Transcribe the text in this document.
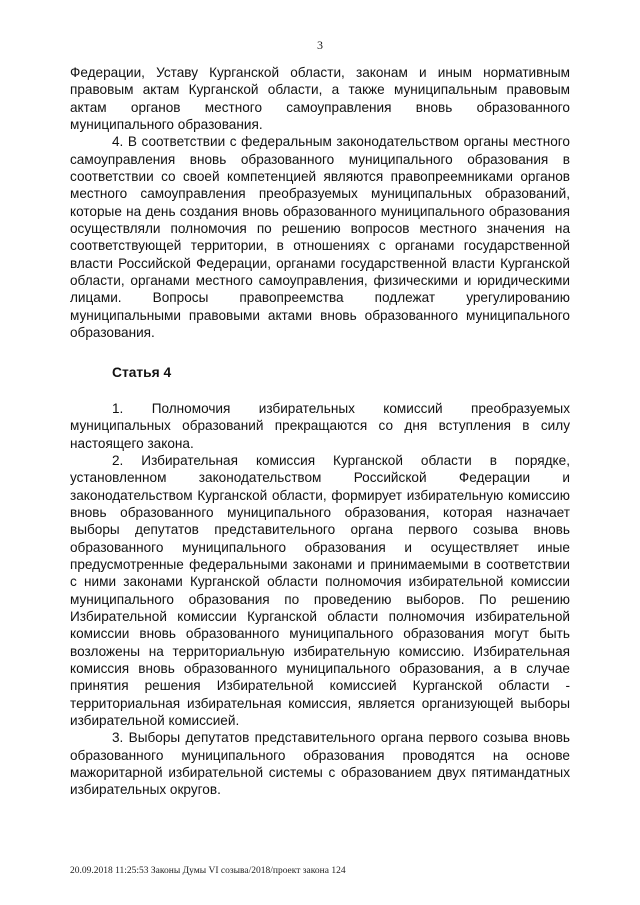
3

Федерации, Уставу Курганской области, законам и иным нормативным правовым актам Курганской области, а также муниципальным правовым актам органов местного самоуправления вновь образованного муниципального образования.

4. В соответствии с федеральным законодательством органы местного самоуправления вновь образованного муниципального образования в соответствии со своей компетенцией являются правопреемниками органов местного самоуправления преобразуемых муниципальных образований, которые на день создания вновь образованного муниципального образования осуществляли полномочия по решению вопросов местного значения на соответствующей территории, в отношениях с органами государственной власти Российской Федерации, органами государственной власти Курганской области, органами местного самоуправления, физическими и юридическими лицами. Вопросы правопреемства подлежат урегулированию муниципальными правовыми актами вновь образованного муниципального образования.

Статья 4

1. Полномочия избирательных комиссий преобразуемых муниципальных образований прекращаются со дня вступления в силу настоящего закона.

2. Избирательная комиссия Курганской области в порядке, установленном законодательством Российской Федерации и законодательством Курганской области, формирует избирательную комиссию вновь образованного муниципального образования, которая назначает выборы депутатов представительного органа первого созыва вновь образованного муниципального образования и осуществляет иные предусмотренные федеральными законами и принимаемыми в соответствии с ними законами Курганской области полномочия избирательной комиссии муниципального образования по проведению выборов. По решению Избирательной комиссии Курганской области полномочия избирательной комиссии вновь образованного муниципального образования могут быть возложены на территориальную избирательную комиссию. Избирательная комиссия вновь образованного муниципального образования, а в случае принятия решения Избирательной комиссией Курганской области - территориальная избирательная комиссия, является организующей выборы избирательной комиссией.

3. Выборы депутатов представительного органа первого созыва вновь образованного муниципального образования проводятся на основе мажоритарной избирательной системы с образованием двух пятимандатных избирательных округов.

20.09.2018 11:25:53 Законы Думы VI созыва/2018/проект закона 124
